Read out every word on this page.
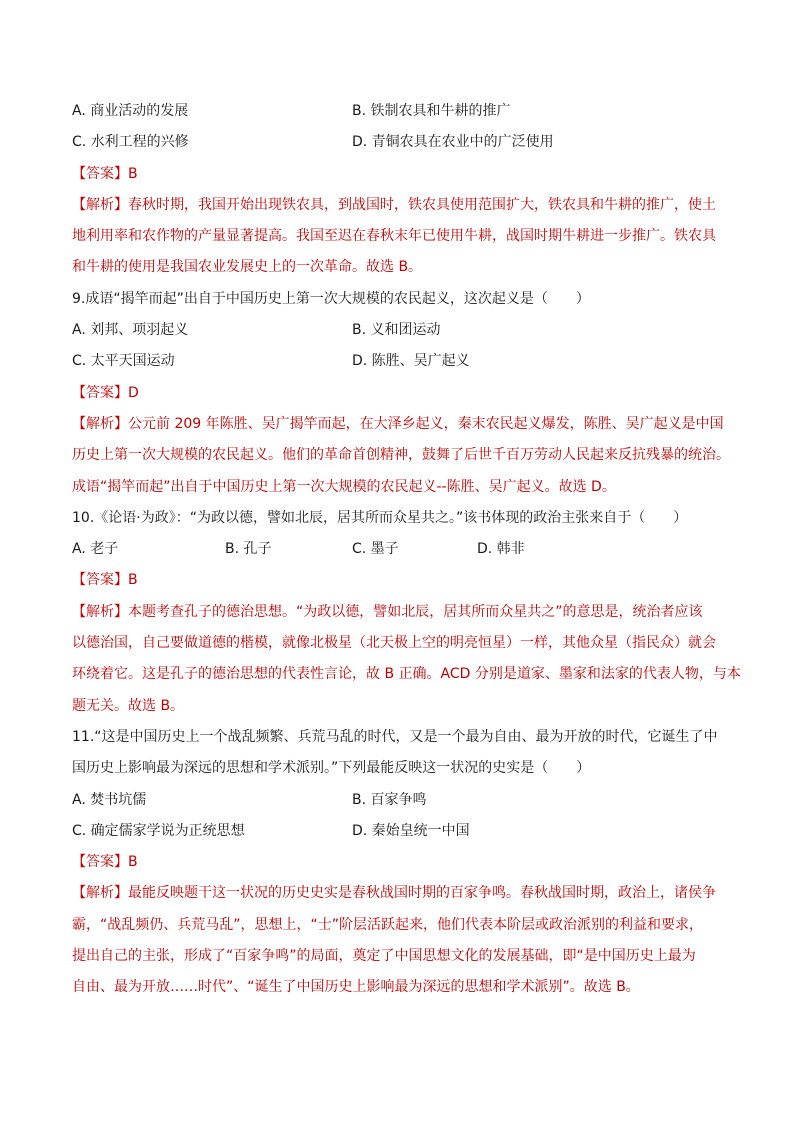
A. 商业活动的发展	B. 铁制农具和牛耕的推广
C. 水利工程的兴修	D. 青铜农具在农业中的广泛使用
【答案】B
【解析】春秋时期，我国开始出现铁农具，到战国时，铁农具使用范围扩大，铁农具和牛耕的推广，使土
地利用率和农作物的产量显著提高。我国至迟在春秋末年已使用牛耕，战国时期牛耕进一步推广。铁农具
和牛耕的使用是我国农业发展史上的一次革命。故选 B。
9.成语“揭竿而起”出自于中国历史上第一次大规模的农民起义，这次起义是（　　）
A. 刘邦、项羽起义	B. 义和团运动
C. 太平天国运动	D. 陈胜、吴广起义
【答案】D
【解析】公元前 209 年陈胜、吴广揭竿而起，在大泽乡起义，秦末农民起义爆发，陈胜、吴广起义是中国
历史上第一次大规模的农民起义。他们的革命首创精神，鼓舞了后世千百万劳动人民起来反抗残暴的统治。
成语“揭竿而起”出自于中国历史上第一次大规模的农民起义--陈胜、吴广起义。故选 D。
10.《论语·为政》：“为政以德，譬如北辰，居其所而众星共之。”该书体现的政治主张来自于（　　）
A. 老子	B. 孔子	C. 墨子	D. 韩非
【答案】B
【解析】本题考查孔子的德治思想。“为政以德，譬如北辰，居其所而众星共之”的意思是，统治者应该
以德治国，自己要做道德的楷模，就像北极星（北天极上空的明亮恒星）一样，其他众星（指民众）就会
环绕着它。这是孔子的德治思想的代表性言论，故 B 正确。ACD 分别是道家、墨家和法家的代表人物，与本
题无关。故选 B。
11.“这是中国历史上一个战乱频繁、兵荒马乱的时代，又是一个最为自由、最为开放的时代，它诞生了中
国历史上影响最为深远的思想和学术派别。”下列最能反映这一状况的史实是（　　）
A. 焚书坑儒	B. 百家争鸣
C. 确定儒家学说为正统思想	D. 秦始皇统一中国
【答案】B
【解析】最能反映题干这一状况的历史史实是春秋战国时期的百家争鸣。春秋战国时期，政治上，诸侯争
霸，“战乱频仍、兵荒马乱”，思想上，“士”阶层活跃起来，他们代表本阶层或政治派别的利益和要求，
提出自己的主张，形成了“百家争鸣”的局面，奠定了中国思想文化的发展基础，即“是中国历史上最为
自由、最为开放……时代”、“诞生了中国历史上影响最为深远的思想和学术派别”。故选 B。
